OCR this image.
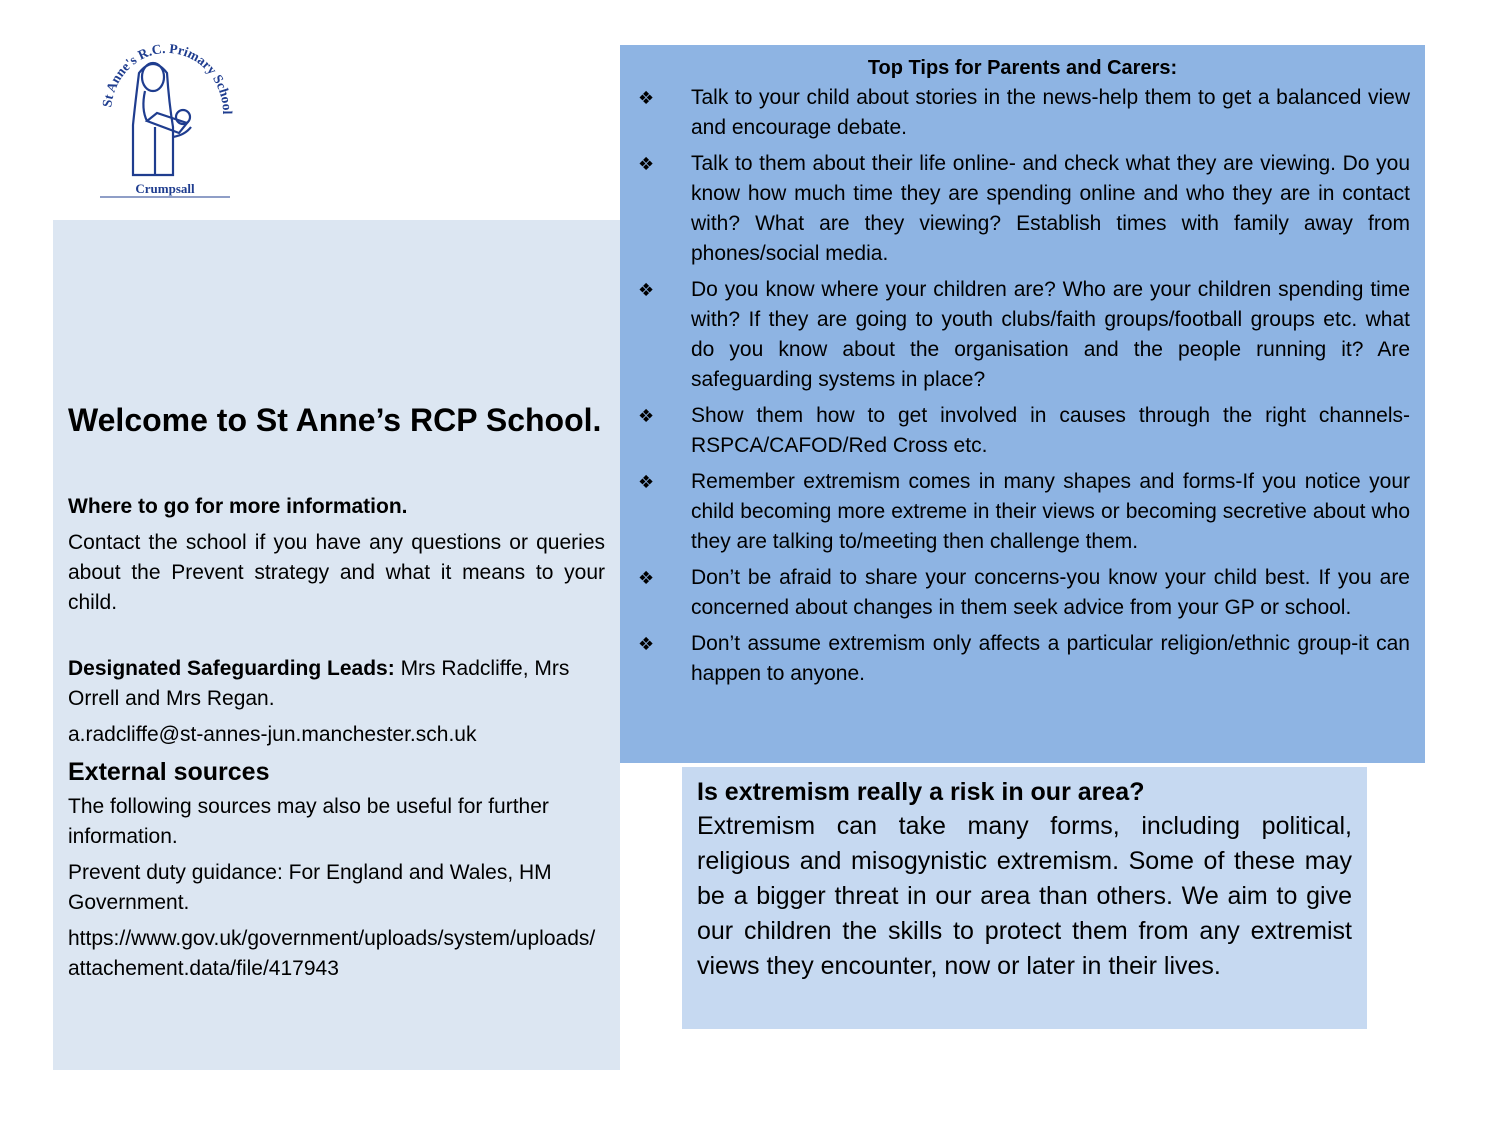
St Anne's R.C. Primary School
Crumpsall
Welcome to St Anne’s RCP School.

Where to go for more information.

Contact the school if you have any questions or queries about the Prevent strategy and what it means to your child.

Designated Safeguarding Leads: Mrs Radcliffe, Mrs Orrell and Mrs Regan.

a.radcliffe@st-annes-jun.manchester.sch.uk

External sources

The following sources may also be useful for further information.

Prevent duty guidance: For England and Wales, HM Government.

https://www.gov.uk/government/uploads/system/uploads/attachement.data/file/417943

Top Tips for Parents and Carers:

❖	Talk to your child about stories in the news-help them to get a balanced view and encourage debate.
❖	Talk to them about their life online- and check what they are viewing. Do you know how much time they are spending online and who they are in contact with? What are they viewing? Establish times with family away from phones/social media.
❖	Do you know where your children are? Who are your children spending time with? If they are going to youth clubs/faith groups/football groups etc. what do you know about the organisation and the people running it? Are safeguarding systems in place?
❖	Show them how to get involved in causes through the right channels-RSPCA/CAFOD/Red Cross etc.
❖	Remember extremism comes in many shapes and forms-If you notice your child becoming more extreme in their views or becoming secretive about who they are talking to/meeting then challenge them.
❖	Don’t be afraid to share your concerns-you know your child best. If you are concerned about changes in them seek advice from your GP or school.
❖	Don’t assume extremism only affects a particular religion/ethnic group-it can happen to anyone.

Is extremism really a risk in our area?

Extremism can take many forms, including political, religious and misogynistic extremism. Some of these may be a bigger threat in our area than others. We aim to give our children the skills to protect them from any extremist views they encounter, now or later in their lives.
